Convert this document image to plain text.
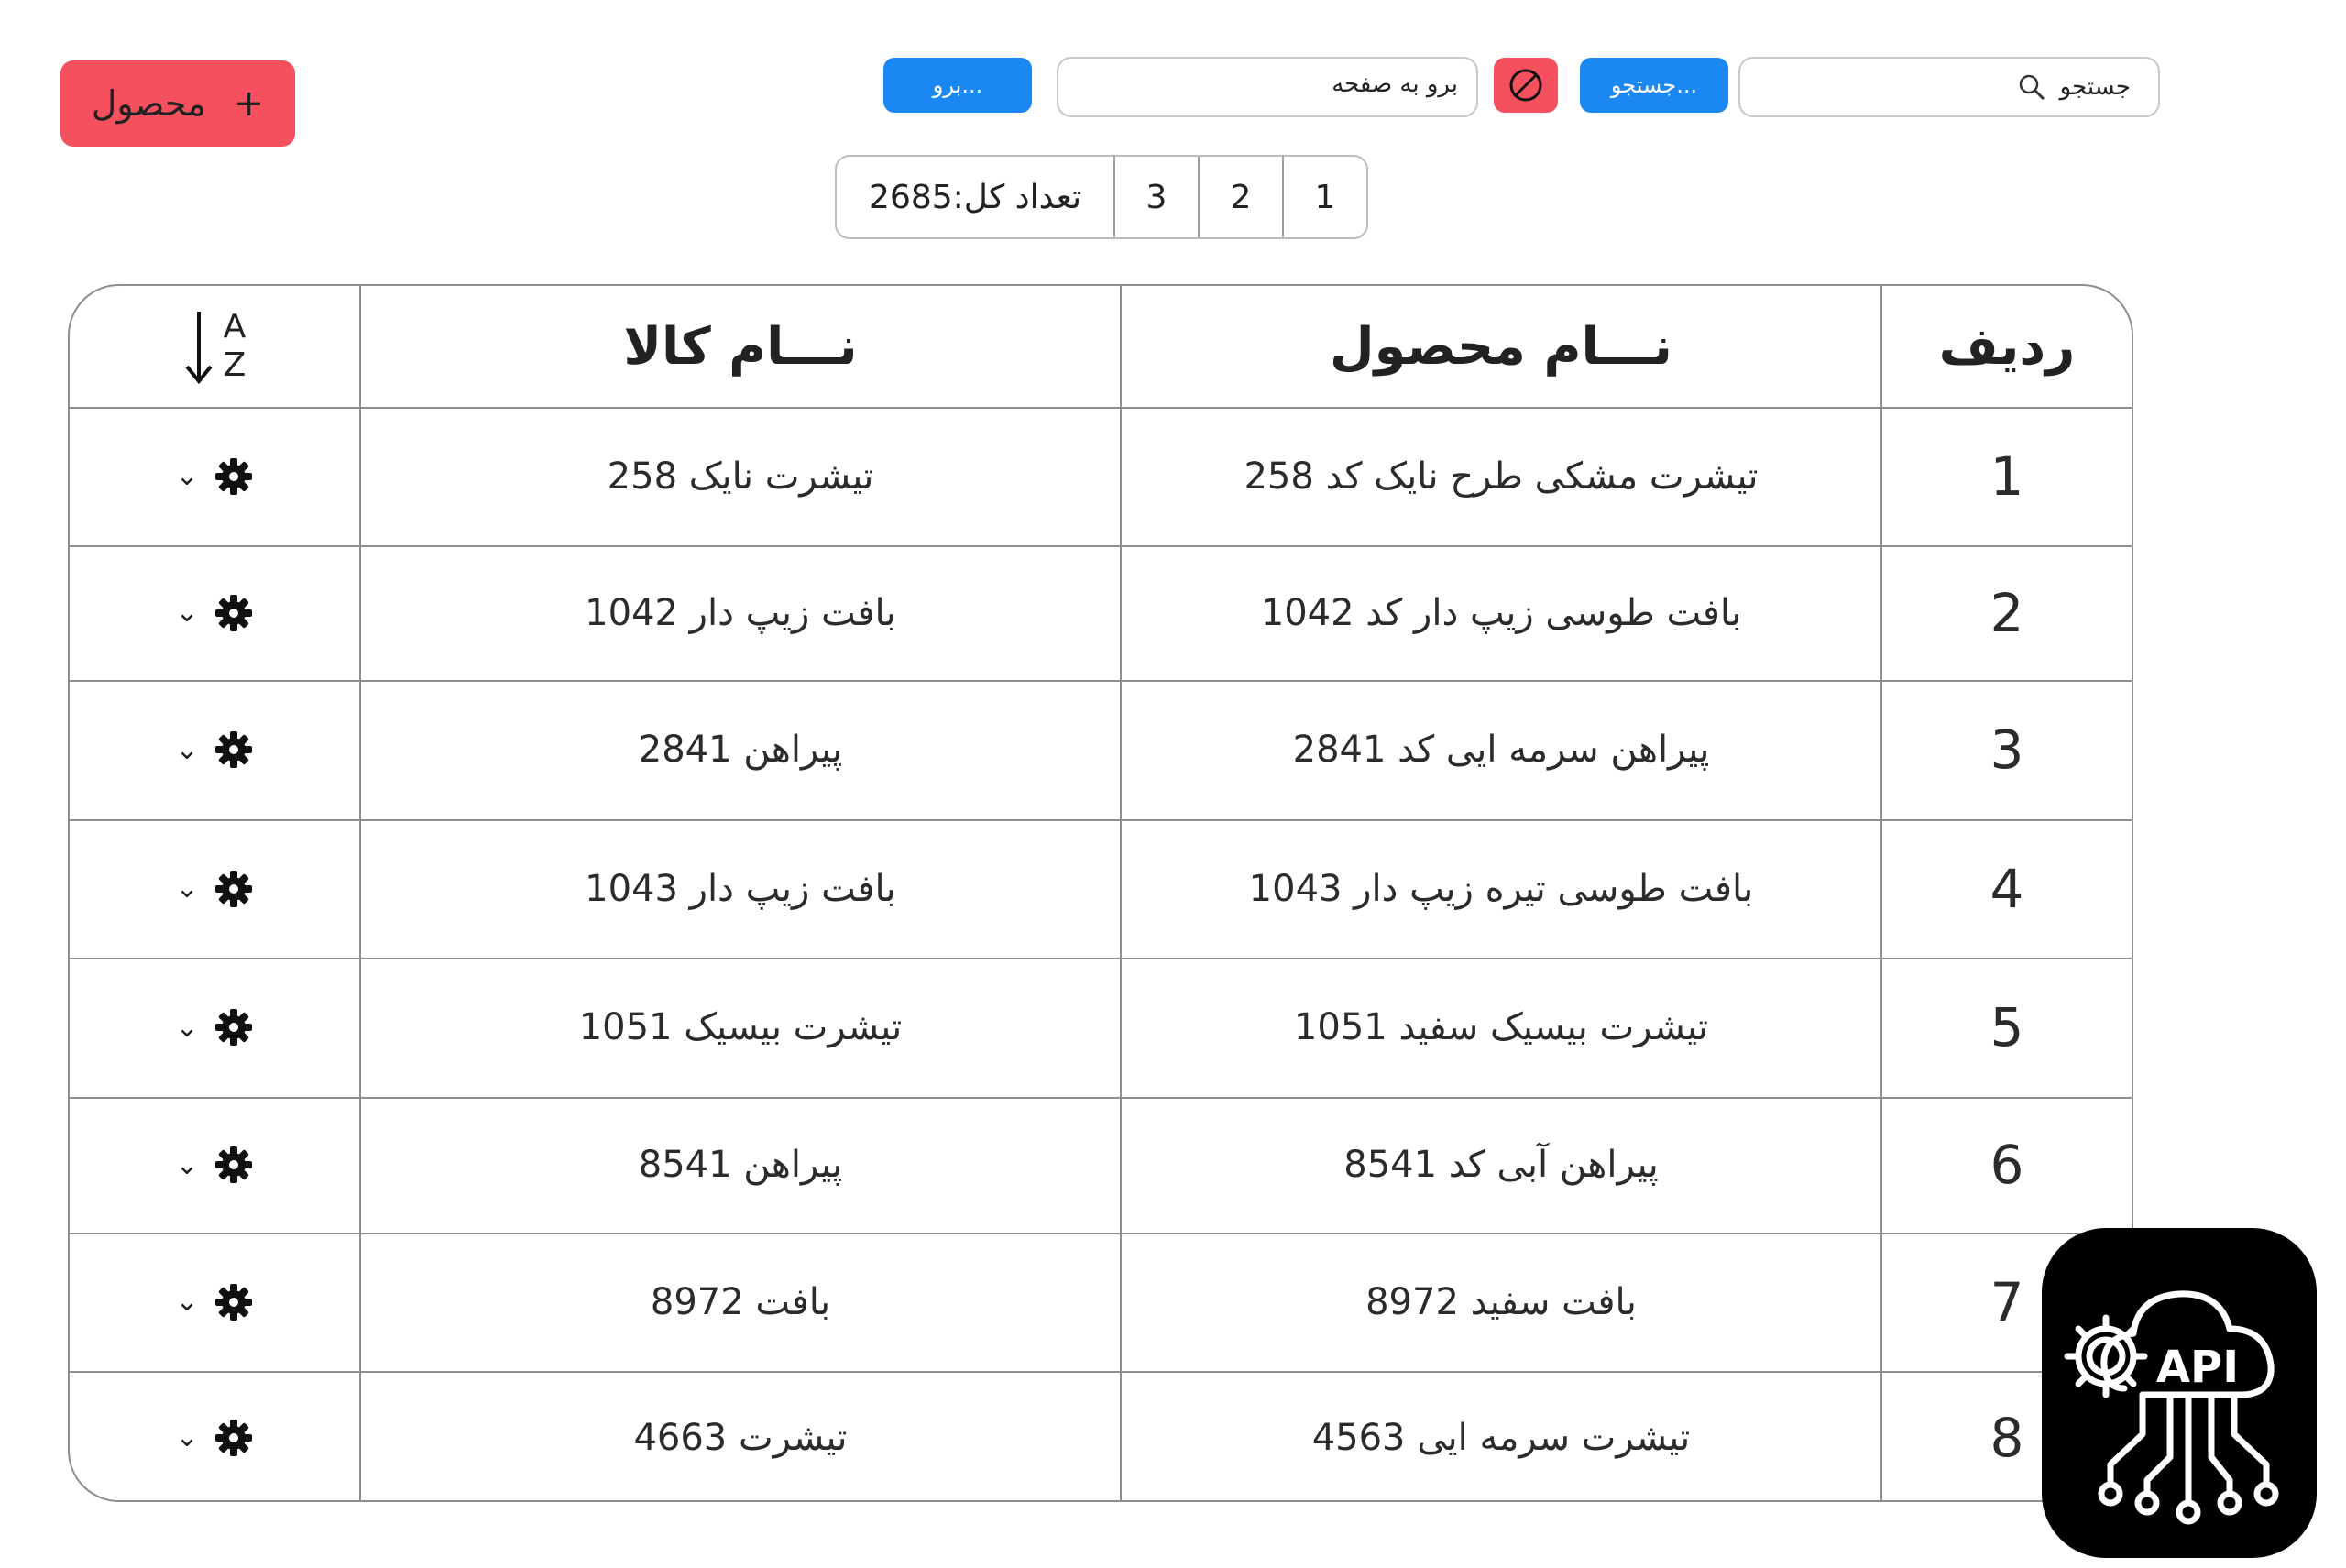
+
محصول	برو...	برو به صفحه	جستجو...	جستجو
1
2
3
تعداد کل:2685
A
Z	نـــام کالا	نـــام محصول	ردیف
⌄	تیشرت نایک 258	تیشرت مشکی طرح نایک کد 258	1
⌄	بافت زیپ دار 1042	بافت طوسی زیپ دار کد 1042	2
⌄	پیراهن 2841	پیراهن سرمه ایی کد 2841	3
⌄	بافت زیپ دار 1043	بافت طوسی تیره زیپ دار 1043	4
⌄	تیشرت بیسیک 1051	تیشرت بیسیک سفید 1051	5
⌄	پیراهن 8541	پیراهن آبی کد 8541	6
⌄	بافت 8972	بافت سفید 8972	7
⌄	تیشرت 4663	تیشرت سرمه ایی 4563	8
API
